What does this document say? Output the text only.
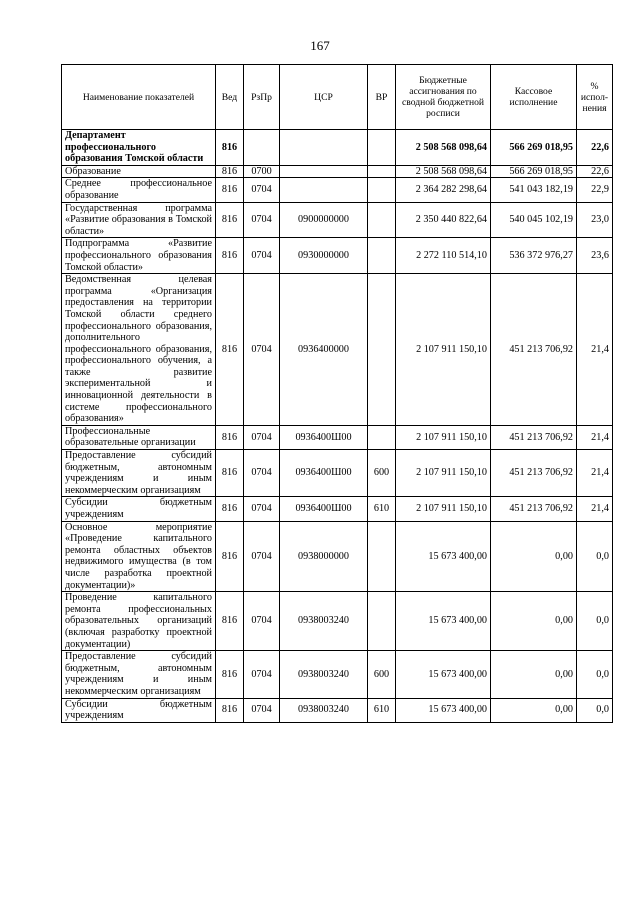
167
Наименование показателей	Вед	РзПр	ЦСР	ВР	Бюджетные ассигнования по сводной бюджетной росписи	Кассовое исполнение	% испол-нения
Департамент профессионального образования Томской области	816				2 508 568 098,64	566 269 018,95	22,6
Образование	816	0700			2 508 568 098,64	566 269 018,95	22,6
Среднее профессиональное образование	816	0704			2 364 282 298,64	541 043 182,19	22,9
Государственная программа «Развитие образования в Томской области»	816	0704	0900000000		2 350 440 822,64	540 045 102,19	23,0
Подпрограмма «Развитие профессионального образования Томской области»	816	0704	0930000000		2 272 110 514,10	536 372 976,27	23,6
Ведомственная целевая программа «Организация предоставления на территории Томской области среднего профессионального образования, дополнительного профессионального образования, профессионального обучения, а также развитие экспериментальной и инновационной деятельности в системе профессионального образования»	816	0704	0936400000		2 107 911 150,10	451 213 706,92	21,4
Профессиональные образовательные организации	816	0704	0936400Ш00		2 107 911 150,10	451 213 706,92	21,4
Предоставление субсидий бюджетным, автономным учреждениям и иным некоммерческим организациям	816	0704	0936400Ш00	600	2 107 911 150,10	451 213 706,92	21,4
Субсидии бюджетным учреждениям	816	0704	0936400Ш00	610	2 107 911 150,10	451 213 706,92	21,4
Основное мероприятие «Проведение капитального ремонта областных объектов недвижимого имущества (в том числе разработка проектной документации)»	816	0704	0938000000		15 673 400,00	0,00	0,0
Проведение капитального ремонта профессиональных образовательных организаций (включая разработку проектной документации)	816	0704	0938003240		15 673 400,00	0,00	0,0
Предоставление субсидий бюджетным, автономным учреждениям и иным некоммерческим организациям	816	0704	0938003240	600	15 673 400,00	0,00	0,0
Субсидии бюджетным учреждениям	816	0704	0938003240	610	15 673 400,00	0,00	0,0
